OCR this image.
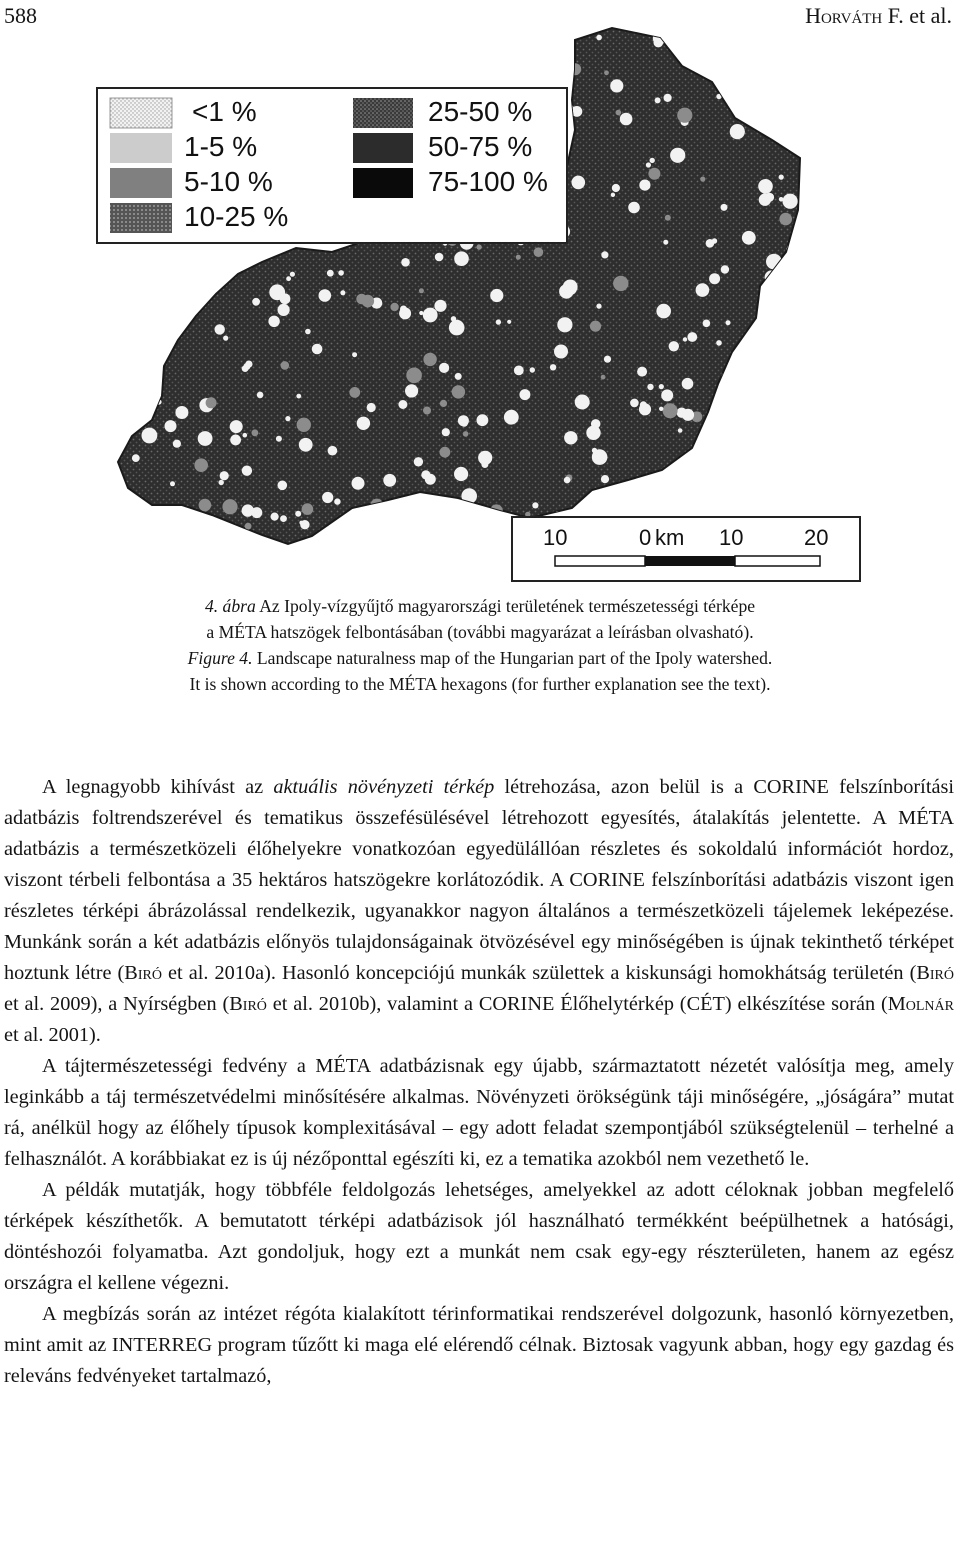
588	Horváth F. et al.
<1 %
1-5 %
5-10 %
10-25 %
25-50 %
50-75 %
75-100 %
10	0 km 10	20
4. ábra Az Ipoly-vízgyűjtő magyarországi területének természetességi térképe
a MÉTA hatszögek felbontásában (további magyarázat a leírásban olvasható).
Figure 4. Landscape naturalness map of the Hungarian part of the Ipoly watershed.
It is shown according to the MÉTA hexagons (for further explanation see the text).

A legnagyobb kihívást az aktuális növényzeti térkép létrehozása, azon belül is a CORINE felszínborítási adatbázis foltrendszerével és tematikus összefésülésével létrehozott egyesítés, átalakítás jelentette. A MÉTA adatbázis a természetközeli élőhelyekre vonatkozóan egyedülállóan részletes és sokoldalú információt hordoz, viszont térbeli felbontása a 35 hektáros hatszögekre korlátozódik. A CORINE felszínborítási adatbázis viszont igen részletes térképi ábrázolással rendelkezik, ugyanakkor nagyon általános a természetközeli tájelemek leképezése. Munkánk során a két adatbázis előnyös tulajdonságainak ötvözésével egy minőségében is újnak tekinthető térképet hoztunk létre (Biró et al. 2010a). Hasonló koncepciójú munkák születtek a kiskunsági homokhátság területén (Biró et al. 2009), a Nyírségben (Biró et al. 2010b), valamint a CORINE Élőhelytérkép (CÉT) elkészítése során (Molnár et al. 2001).

A tájtermészetességi fedvény a MÉTA adatbázisnak egy újabb, származtatott nézetét valósítja meg, amely leginkább a táj természetvédelmi minősítésére alkalmas. Növényzeti örökségünk táji minőségére, „jóságára” mutat rá, anélkül hogy az élőhely típusok komplexitásával – egy adott feladat szempontjából szükségtelenül – terhelné a felhasználót. A korábbiakat ez is új nézőponttal egészíti ki, ez a tematika azokból nem vezethető le.

A példák mutatják, hogy többféle feldolgozás lehetséges, amelyekkel az adott céloknak jobban megfelelő térképek készíthetők. A bemutatott térképi adatbázisok jól használható termékként beépülhetnek a hatósági, döntéshozói folyamatba. Azt gondoljuk, hogy ezt a munkát nem csak egy-egy részterületen, hanem az egész országra el kellene végezni.

A megbízás során az intézet régóta kialakított térinformatikai rendszerével dolgozunk, hasonló környezetben, mint amit az INTERREG program tűzőtt ki maga elé elérendő célnak. Biztosak vagyunk abban, hogy egy gazdag és releváns fedvényeket tartalmazó,
